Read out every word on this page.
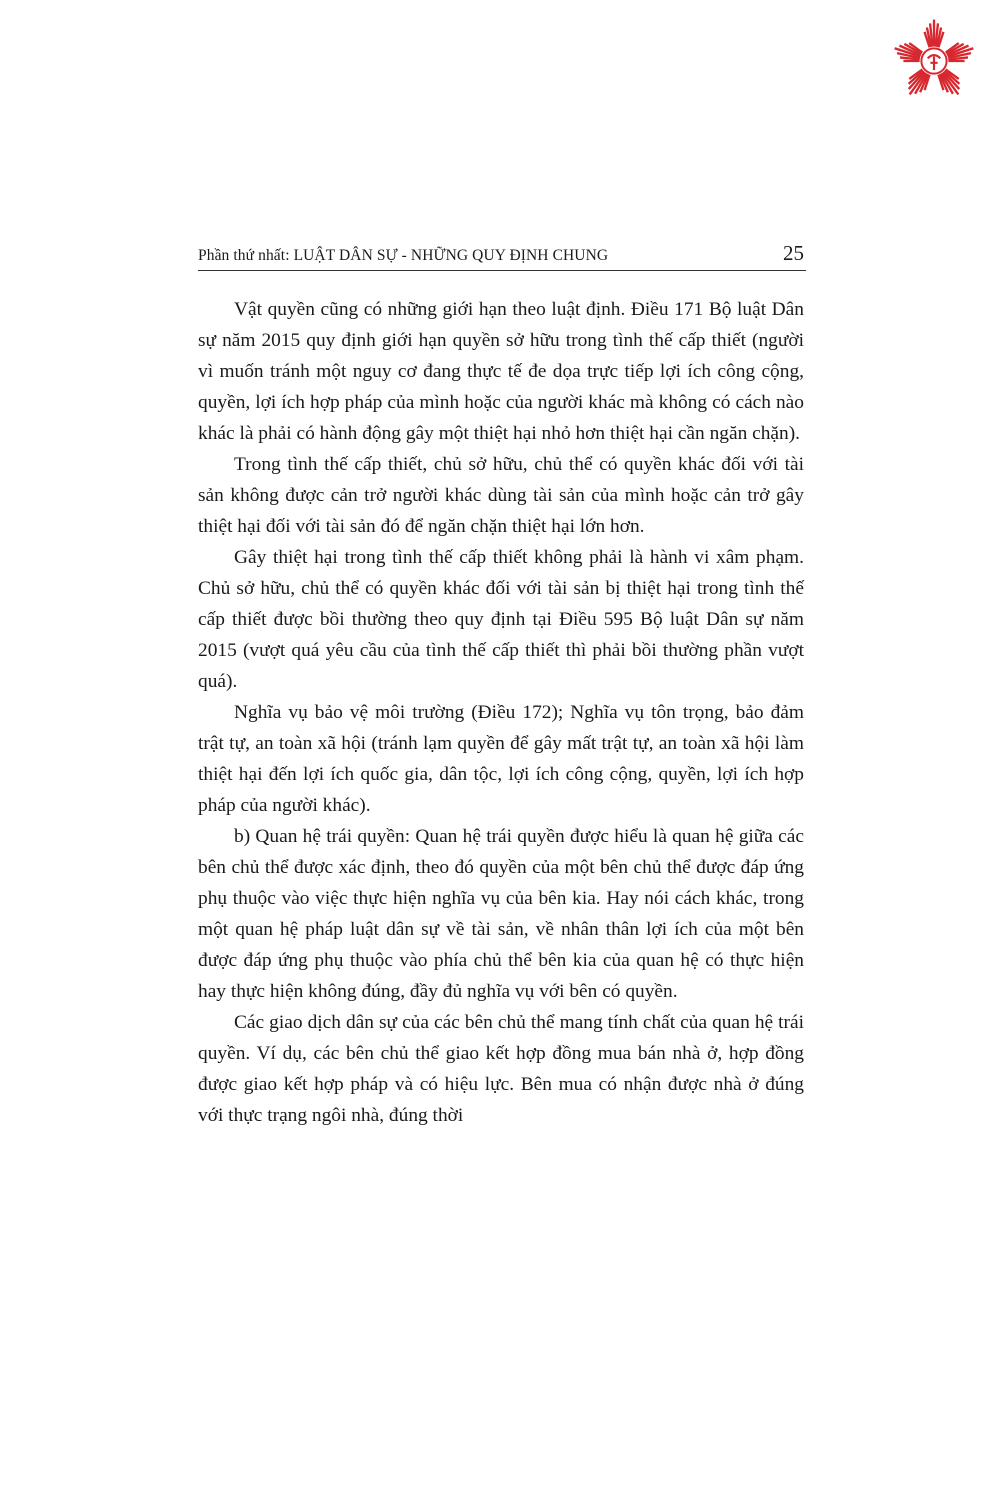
Phần thứ nhất: LUẬT DÂN SỰ - NHỮNG QUY ĐỊNH CHUNG	25

Vật quyền cũng có những giới hạn theo luật định. Điều 171 Bộ luật Dân sự năm 2015 quy định giới hạn quyền sở hữu trong tình thế cấp thiết (người vì muốn tránh một nguy cơ đang thực tế đe dọa trực tiếp lợi ích công cộng, quyền, lợi ích hợp pháp của mình hoặc của người khác mà không có cách nào khác là phải có hành động gây một thiệt hại nhỏ hơn thiệt hại cần ngăn chặn).

Trong tình thế cấp thiết, chủ sở hữu, chủ thể có quyền khác đối với tài sản không được cản trở người khác dùng tài sản của mình hoặc cản trở gây thiệt hại đối với tài sản đó để ngăn chặn thiệt hại lớn hơn.

Gây thiệt hại trong tình thế cấp thiết không phải là hành vi xâm phạm. Chủ sở hữu, chủ thể có quyền khác đối với tài sản bị thiệt hại trong tình thế cấp thiết được bồi thường theo quy định tại Điều 595 Bộ luật Dân sự năm 2015 (vượt quá yêu cầu của tình thế cấp thiết thì phải bồi thường phần vượt quá).

Nghĩa vụ bảo vệ môi trường (Điều 172); Nghĩa vụ tôn trọng, bảo đảm trật tự, an toàn xã hội (tránh lạm quyền để gây mất trật tự, an toàn xã hội làm thiệt hại đến lợi ích quốc gia, dân tộc, lợi ích công cộng, quyền, lợi ích hợp pháp của người khác).

b) Quan hệ trái quyền: Quan hệ trái quyền được hiểu là quan hệ giữa các bên chủ thể được xác định, theo đó quyền của một bên chủ thể được đáp ứng phụ thuộc vào việc thực hiện nghĩa vụ của bên kia. Hay nói cách khác, trong một quan hệ pháp luật dân sự về tài sản, về nhân thân lợi ích của một bên được đáp ứng phụ thuộc vào phía chủ thể bên kia của quan hệ có thực hiện hay thực hiện không đúng, đầy đủ nghĩa vụ với bên có quyền.

Các giao dịch dân sự của các bên chủ thể mang tính chất của quan hệ trái quyền. Ví dụ, các bên chủ thể giao kết hợp đồng mua bán nhà ở, hợp đồng được giao kết hợp pháp và có hiệu lực. Bên mua có nhận được nhà ở đúng với thực trạng ngôi nhà, đúng thời
